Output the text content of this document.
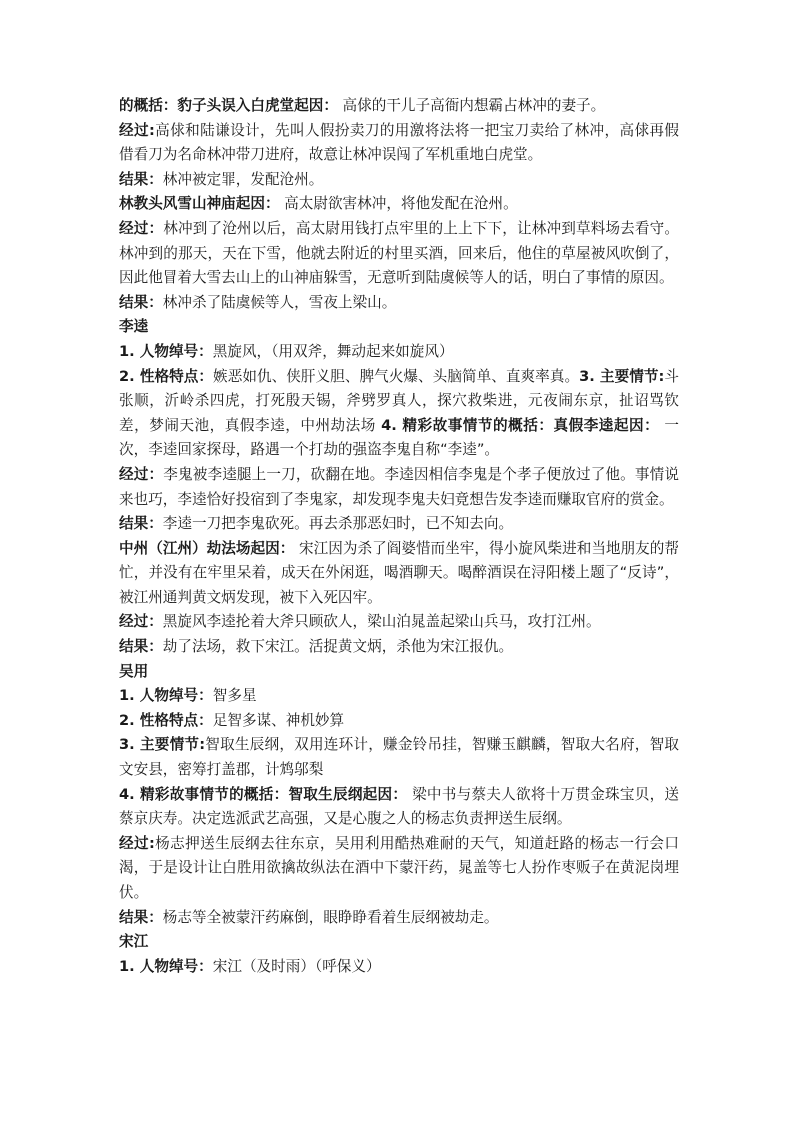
的概括：豹子头误入白虎堂起因： 高俅的干儿子高衙内想霸占林冲的妻子。

经过:高俅和陆谦设计，先叫人假扮卖刀的用激将法将一把宝刀卖给了林冲，高俅再假借看刀为名命林冲带刀进府，故意让林冲误闯了军机重地白虎堂。

结果：林冲被定罪，发配沧州。

林教头风雪山神庙起因： 高太尉欲害林冲，将他发配在沧州。

经过：林冲到了沧州以后，高太尉用钱打点牢里的上上下下，让林冲到草料场去看守。林冲到的那天，天在下雪，他就去附近的村里买酒，回来后，他住的草屋被风吹倒了，因此他冒着大雪去山上的山神庙躲雪，无意听到陆虞候等人的话，明白了事情的原因。

结果：林冲杀了陆虞候等人，雪夜上梁山。

李逵

1. 人物绰号：黑旋风，（用双斧，舞动起来如旋风）

2. 性格特点：嫉恶如仇、侠肝义胆、脾气火爆、头脑简单、直爽率真。3. 主要情节:斗张顺，沂岭杀四虎，打死殷天锡，斧劈罗真人，探穴救柴进，元夜闹东京，扯诏骂钦差，梦闹天池，真假李逵，中州劫法场 4. 精彩故事情节的概括：真假李逵起因： 一次，李逵回家探母，路遇一个打劫的强盗李鬼自称“李逵”。

经过：李鬼被李逵腿上一刀，砍翻在地。李逵因相信李鬼是个孝子便放过了他。事情说来也巧，李逵恰好投宿到了李鬼家，却发现李鬼夫妇竟想告发李逵而赚取官府的赏金。

结果：李逵一刀把李鬼砍死。再去杀那恶妇时，已不知去向。

中州（江州）劫法场起因： 宋江因为杀了阎婆惜而坐牢，得小旋风柴进和当地朋友的帮忙，并没有在牢里呆着，成天在外闲逛，喝酒聊天。喝醉酒误在浔阳楼上题了“反诗”，被江州通判黄文炳发现，被下入死囚牢。

经过：黑旋风李逵抡着大斧只顾砍人，梁山泊晁盖起梁山兵马，攻打江州。

结果：劫了法场，救下宋江。活捉黄文炳，杀他为宋江报仇。

吴用

1. 人物绰号：智多星

2. 性格特点：足智多谋、神机妙算

3. 主要情节:智取生辰纲，双用连环计，赚金铃吊挂，智赚玉麒麟，智取大名府，智取文安县，密筹打盖郡，计鸩邬梨

4. 精彩故事情节的概括：智取生辰纲起因： 梁中书与蔡夫人欲将十万贯金珠宝贝，送蔡京庆寿。决定选派武艺高强，又是心腹之人的杨志负责押送生辰纲。

经过:杨志押送生辰纲去往东京，吴用利用酷热难耐的天气，知道赶路的杨志一行会口渴，于是设计让白胜用欲擒故纵法在酒中下蒙汗药，晁盖等七人扮作枣贩子在黄泥岗埋伏。

结果：杨志等全被蒙汗药麻倒，眼睁睁看着生辰纲被劫走。

宋江

1. 人物绰号：宋江（及时雨）（呼保义）
